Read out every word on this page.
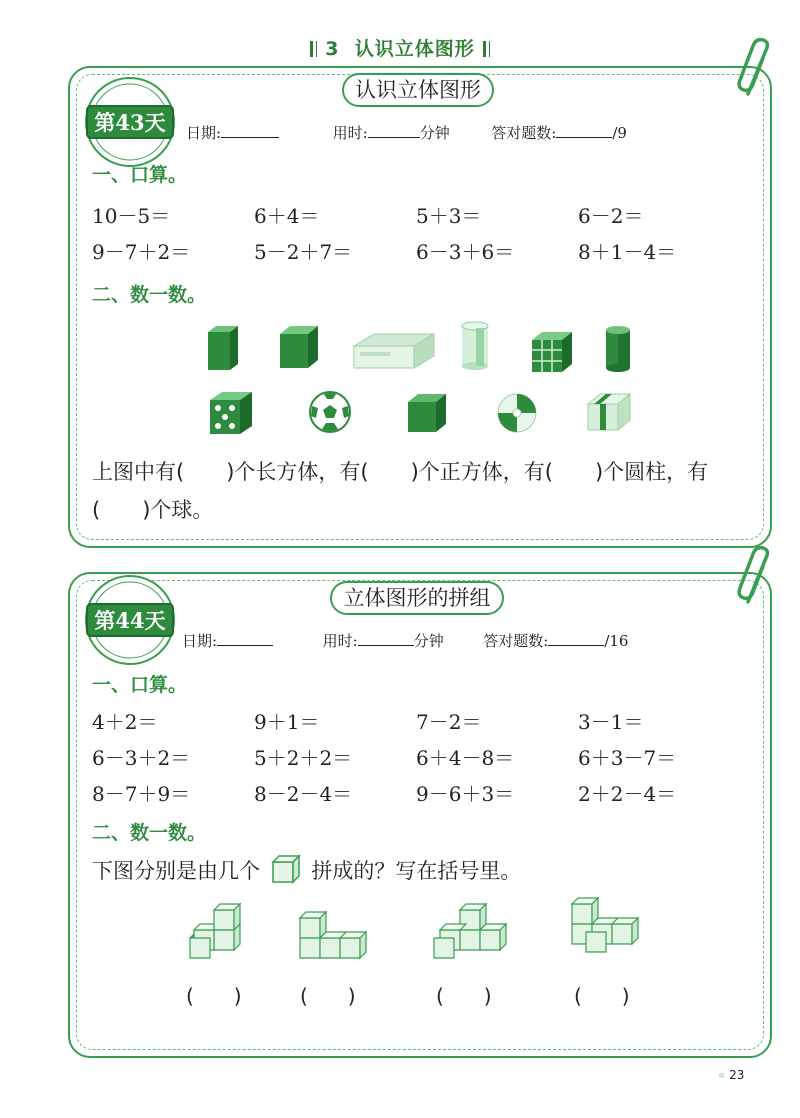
3 认识立体图形
认识立体图形
第43天 日期:	用时:	分钟	答对题数:	/9
一、口算。
10－5＝	6＋4＝	5＋3＝	6－2＝
9－7＋2＝	5－2＋7＝	6－3＋6＝	8＋1－4＝
二、数一数。
上图中有(　　)个长方体，有(　　)个正方体，有(　　)个圆柱，有
(　　)个球。
立体图形的拼组
第44天
日期:	用时:	分钟	答对题数:	/16
一、口算。
4＋2＝	9＋1＝	7－2＝	3－1＝
6－3＋2＝	5＋2＋2＝	6＋4－8＝	6＋3－7＝
8－7＋9＝	8－2－4＝	9－6＋3＝	2＋2－4＝
二、数一数。
下图分别是由几个 拼成的？写在括号里。
(　　)	(　　)	(　　)	(　　)
« 23
